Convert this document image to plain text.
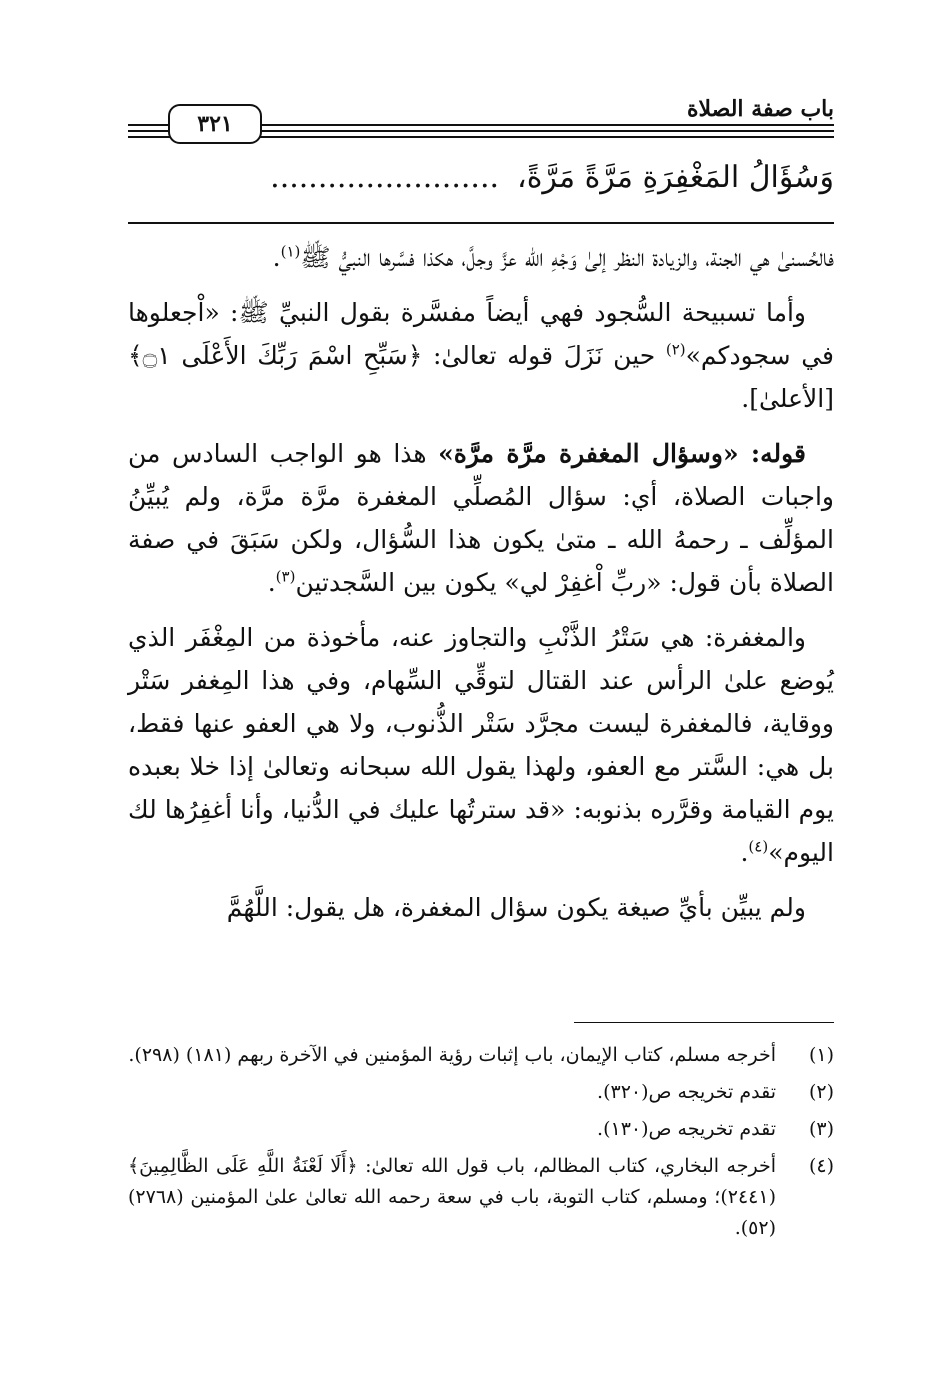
باب صفة الصلاة
٣٢١
وَسُؤَالُ المَغْفِرَةِ مَرَّةً مَرَّةً،........................

فالحُسنىٰ هي الجنة، والزيادة النظر إلىٰ وَجْهِ الله عزَّ وجلَّ، هكذا فسَّرها النبيُّ ﷺ$^{(١)}$.

وأما تسبيحة السُّجود فهي أيضاً مفسَّرة بقول النبيِّ ﷺ: «اْجعلوها في سجودكم»$^{(٢)}$ حين نَزَلَ قوله تعالىٰ: ﴿سَبِّحِ اسْمَ رَبِّكَ الأَعْلَى ۝١﴾ [الأعلىٰ].

قوله: «وسؤال المغفرة مرَّة مرَّة» هذا هو الواجب السادس من واجبات الصلاة، أي: سؤال المُصلِّي المغفرة مرَّة مرَّة، ولم يُبيِّنُ المؤلِّف ـ رحمهُ الله ـ متىٰ يكون هذا السُّؤال، ولكن سَبَقَ في صفة الصلاة بأن قول: «ربِّ اْغفِرْ لي» يكون بين السَّجدتين$^{(٣)}$.

والمغفرة: هي سَتْرُ الذَّنْبِ والتجاوز عنه، مأخوذة من المِغْفَر الذي يُوضع علىٰ الرأس عند القتال لتوقِّي السِّهام، وفي هذا المِغفر سَتْر ووقاية، فالمغفرة ليست مجرَّد سَتْر الذُّنوب، ولا هي العفو عنها فقط، بل هي: السَّتر مع العفو، ولهذا يقول الله سبحانه وتعالىٰ إذا خلا بعبده يوم القيامة وقرَّره بذنوبه: «قد سترتُها عليك في الدُّنيا، وأنا أغفِرُها لك اليوم»$^{(٤)}$.

ولم يبيِّن بأيِّ صيغة يكون سؤال المغفرة، هل يقول: اللَّهُمَّ

(١)
أخرجه مسلم، كتاب الإيمان، باب إثبات رؤية المؤمنين في الآخرة ربهم (١٨١) (٢٩٨).
(٢)
تقدم تخريجه ص(٣٢٠).
(٣)
تقدم تخريجه ص(١٣٠).
(٤)
أخرجه البخاري، كتاب المظالم، باب قول الله تعالىٰ: ﴿أَلَا لَعْنَةُ اللَّهِ عَلَى الظَّالِمِينَ﴾ (٢٤٤١)؛ ومسلم، كتاب التوبة، باب في سعة رحمه الله تعالىٰ علىٰ المؤمنين (٢٧٦٨) (٥٢).
